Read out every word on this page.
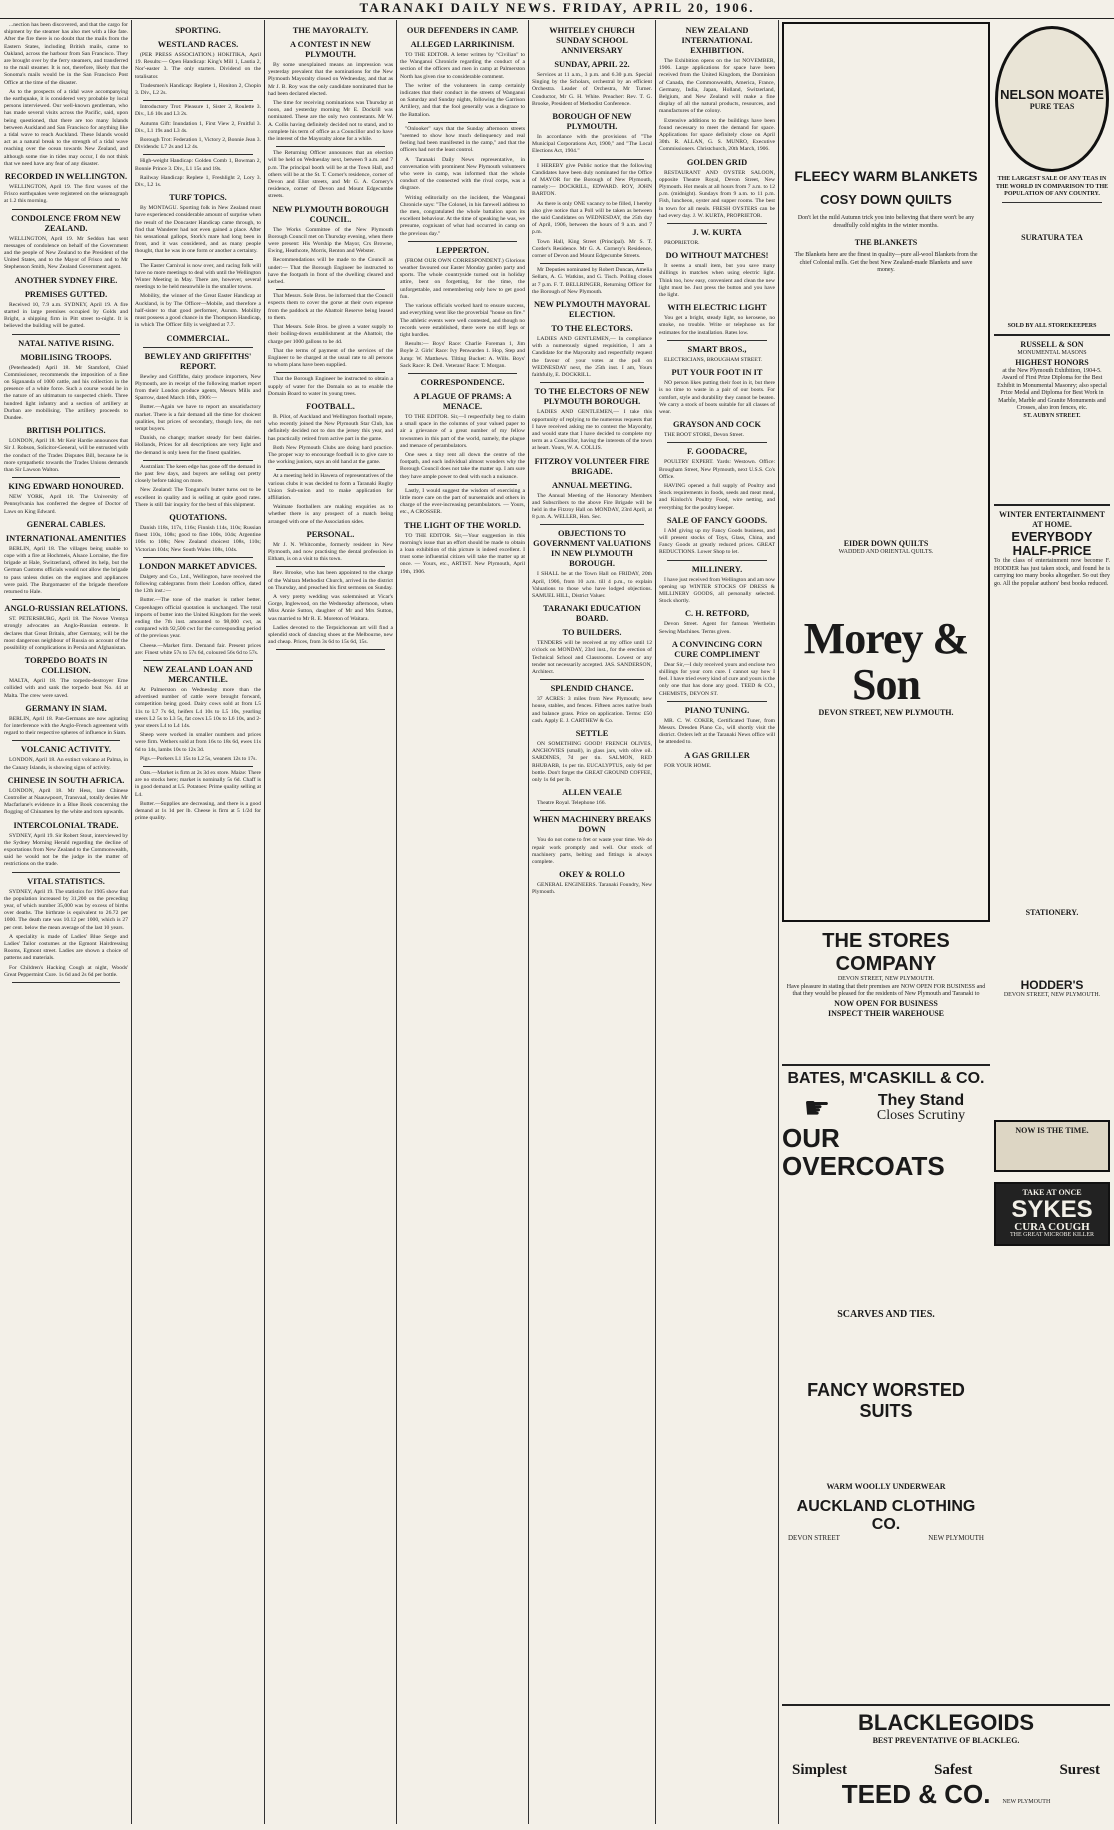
TARANAKI DAILY NEWS. FRIDAY, APRIL 20, 1906.

...nection has been discovered, and that the cargo for shipment by the steamer has also met with a like fate. After the fire there is no doubt that the mails from the Eastern States, including British mails, came to Oakland, across the harbour from San Francisco. They are brought over by the ferry steamers, and transferred to the mail steamer. It is not, therefore, likely that the Sonoma's mails would be in the San Francisco Post Office at the time of the disaster.

As to the prospects of a tidal wave accompanying the earthquake, it is considered very probable by local persons interviewed. Our well-known gentleman, who has made several visits across the Pacific, said, upon being questioned, that there are too many Islands between Auckland and San Francisco for anything like a tidal wave to reach Auckland. These Islands would act as a natural break to the strength of a tidal wave reaching over the ocean towards New Zealand, and although some rise in tides may occur, I do not think that we need have any fear of any disaster.

RECORDED IN WELLINGTON.

WELLINGTON, April 19. The first waves of the Frisco earthquakes were registered on the seismograph at 1.2 this morning.

CONDOLENCE FROM NEW ZEALAND.

WELLINGTON, April 19. Mr Seddon has sent messages of condolence on behalf of the Government and the people of New Zealand to the President of the United States, and to the Mayor of Frisco and to Mr Stephenson Smith, New Zealand Government agent.

ANOTHER SYDNEY FIRE.
PREMISES GUTTED.

Received 10, 7.9 a.m. SYDNEY, April 19. A fire started in large premises occupied by Golds and Bright, a shipping firm in Pitt street to-night. It is believed the building will be gutted.

NATAL NATIVE RISING.
MOBILISING TROOPS.

(Peterheaded) April 18. Mr Stamford, Chief Commissioner, recommends the imposition of a fine on Sigananda of 1000 cattle, and his collection in the presence of a white force. Such a course would be in the nature of an ultimatum to suspected chiefs. Three hundred light infantry and a section of artillery at Durban are mobilising. The artillery proceeds to Dundee.

BRITISH POLITICS.

LONDON, April 18. Mr Keir Hardie announces that Sir J. Robson, Solicitor-General, will be entrusted with the conduct of the Trades Disputes Bill, because he is more sympathetic towards the Trades Unions demands than Sir Lawson Walton.

KING EDWARD HONOURED.

NEW YORK, April 18. The University of Pennsylvania has conferred the degree of Doctor of Laws on King Edward.

GENERAL CABLES.
INTERNATIONAL AMENITIES

BERLIN, April 18. The villages being unable to cope with a fire at Hochmeis, Alsace Lorraine, the fire brigade at Hale, Switzerland, offered its help, but the German Customs officials would not allow the brigade to pass unless duties on the engines and appliances were paid. The Burgomaster of the brigade therefore returned to Hale.

ANGLO-RUSSIAN RELATIONS.

ST. PETERSBURG, April 18. The Novoe Vremya strongly advocates an Anglo-Russian entente. It declares that Great Britain, after Germany, will be the most dangerous neighbour of Russia on account of the possibility of complications in Persia and Afghanistan.

TORPEDO BOATS IN COLLISION.

MALTA, April 18. The torpedo-destroyer Erne collided with and sank the torpedo boat No. 44 at Malta. The crew were saved.

GERMANY IN SIAM.

BERLIN, April 18. Pan-Germans are now agitating for interference with the Anglo-French agreement with regard to their respective spheres of influence in Siam.

VOLCANIC ACTIVITY.

LONDON, April 18. An extinct volcano at Palma, in the Canary Islands, is showing signs of activity.

CHINESE IN SOUTH AFRICA.

LONDON, April 18. Mr Hess, late Chinese Controller at Naauwpoort, Transvaal, totally denies Mr Macfarlane's evidence in a Blue Book concerning the flogging of Chinamen by the white and torn upwards.

INTERCOLONIAL TRADE.

SYDNEY, April 19. Sir Robert Stout, interviewed by the Sydney Morning Herald regarding the decline of exportations from New Zealand to the Commonwealth, said he would not be the judge in the matter of restrictions on the trade.

VITAL STATISTICS.

SYDNEY, April 19. The statistics for 1905 show that the population increased by 31,200 on the preceding year, of which number 35,000 was by excess of births over deaths. The birthrate is equivalent to 26.72 per 1000. The death rate was 10.12 per 1000, which is 27 per cent. below the mean average of the last 10 years.

A speciality is made of Ladies' Blue Serge and Ladies' Tailor costumes at the Egmont Hairdressing Rooms, Egmont street. Ladies are shown a choice of patterns and materials.

For Children's Hacking Cough at night, Woods' Great Peppermint Cure. 1s 6d and 2s 6d per bottle.

SPORTING.
WESTLAND RACES.

(PER PRESS ASSOCIATION.) HOKITIKA, April 19. Results:— Open Handicap: King's Mill 1, Lautia 2, Nor'-easter 3. The only starters. Dividend on the totalisator.

Tradesmen's Handicap: Replete 1, Honiton 2, Chopin 3. Div., L2 2s.

Introductory Trot: Pleasure 1, Sister 2, Roulette 3. Div., L6 10s and L3 2s.

Autumn Gift: Inundation 1, First View 2, Fruitful 3. Div., L1 19s and L3 4s.

Borough Trot: Federation 1, Victory 2, Bonnie Jean 3. Dividends: L7 2s and L2 4s.

High-weight Handicap: Golden Comb 1, Bowman 2, Bonnie Prince 3. Div., L1 15s and 18s.

Railway Handicap: Replete 1, Freshlight 2, Lory 3. Div., L2 1s.

TURF TOPICS.

By MONTAGU. Sporting folk in New Zealand must have experienced considerable amount of surprise when the result of the Doncaster Handicap came through, to find that Wanderer had not even gained a place. After his sensational gallops, Stork's mare had long been in front, and it was considered, and as many people thought, that he was in one form or another a certainty.

The Easter Carnival is now over, and racing folk will have no more meetings to deal with until the Wellington Winter Meeting in May. There are, however, several meetings to be held meanwhile in the smaller towns.

Mobility, the winner of the Great Easter Handicap at Auckland, is by The Officer—Mobile, and therefore a half-sister to that good performer, Aurum. Mobility must possess a good chance in the Thompson Handicap, in which The Officer filly is weighted at 7.7.

COMMERCIAL.
BEWLEY AND GRIFFITHS' REPORT.

Bewley and Griffiths, dairy produce importers, New Plymouth, are in receipt of the following market report from their London produce agents, Messrs Mills and Sparrow, dated March 16th, 1906:—

Butter.—Again we have to report an unsatisfactory market. There is a fair demand all the time for choicest qualities, but prices of secondary, though low, do not tempt buyers.

Danish, no change; market steady for best dairies. Hollands, Prices for all descriptions are very light and the demand is only keen for the finest qualities.

Australian: The keen edge has gone off the demand in the past few days, and buyers are selling out pretty closely before taking on more.

New Zealand: The Tonganui's butter turns out to be excellent in quality and is selling at quite good rates. There is still fair inquiry for the best of this shipment.

QUOTATIONS.

Danish 118s, 117s, 116s; Finnish 114s, 110s; Russian finest 110s, 108s; good to fine 100s, 104s; Argentine 106s to 108s; New Zealand choicest 108s, 110s; Victorian 104s; New South Wales 108s, 104s.

LONDON MARKET ADVICES.

Dalgety and Co., Ltd., Wellington, have received the following cablegrams from their London office, dated the 12th inst.:—

Butter.—The tone of the market is rather better. Copenhagen official quotation is unchanged. The total imports of butter into the United Kingdom for the week ending the 7th inst. amounted to 98,000 cwt, as compared with 92,500 cwt for the corresponding period of the previous year.

Cheese.—Market firm. Demand fair. Present prices are: Finest white 57s to 57s 6d, coloured 56s 6d to 57s.

NEW ZEALAND LOAN AND MERCANTILE.

At Palmerston on Wednesday more than the advertised number of cattle were brought forward, competition being good. Dairy cows sold at from L5 11s to L7 7s 6d, heifers L4 10s to L5 10s, yearling steers L2 5s to L3 5s, fat cows L5 10s to L6 10s, and 2-year steers L4 to L4 14s.

Sheep were worked in smaller numbers and prices were firm. Wethers sold at from 16s to 18s 6d, ewes 11s 6d to 14s, lambs 10s to 12s 3d.

Pigs.—Porkers L1 15s to L2 5s, weaners 12s to 17s.

Oats.—Market is firm at 2s 3d ex store. Maize: There are no stocks here; market is nominally 5s 6d. Chaff is in good demand at L5. Potatoes: Prime quality selling at L4.

Butter.—Supplies are decreasing, and there is a good demand at 1s 1d per lb. Cheese is firm at 5 1/2d for prime quality.

THE MAYORALTY.
A CONTEST IN NEW PLYMOUTH.

By some unexplained means an impression was yesterday prevalent that the nominations for the New Plymouth Mayoralty closed on Wednesday, and that as Mr J. B. Roy was the only candidate nominated that he had been declared elected.

The time for receiving nominations was Thursday at noon, and yesterday morning Mr E. Dockrill was nominated. These are the only two contestants. Mr W. A. Collis having definitely decided not to stand, and to complete his term of office as a Councillor and to have the interest of the Mayoralty alone for a while.

The Returning Officer announces that an election will be held on Wednesday next, between 9 a.m. and 7 p.m. The principal booth will be at the Town Hall, and others will be at the St. T. Corner's residence, corner of Devon and Eliot streets, and Mr G. A. Cornery's residence, corner of Devon and Mount Edgecumbe streets.

NEW PLYMOUTH BOROUGH COUNCIL.

The Works Committee of the New Plymouth Borough Council met on Thursday evening, when there were present: His Worship the Mayor, Crs Browne, Ewing, Heathcote, Morris, Renton and Webster.

Recommendations will be made to the Council as under:— That the Borough Engineer be instructed to have the footpath in front of the dwelling cleared and kerbed.

That Messrs. Sole Bros. be informed that the Council expects them to cover the gorse at their own expense from the paddock at the Abattoir Reserve being leased to them.

That Messrs. Sole Bros. be given a water supply to their boiling-down establishment at the Abattoir, the charge per 1000 gallons to be 4d.

That the terms of payment of the services of the Engineer to be charged at the usual rate to all persons to whom plans have been supplied.

That the Borough Engineer be instructed to obtain a supply of water for the Domain so as to enable the Domain Board to water its young trees.

FOOTBALL.

B. Pilot, of Auckland and Wellington football repute, who recently joined the New Plymouth Star Club, has definitely decided not to don the jersey this year, and has practically retired from active part in the game.

Both New Plymouth Clubs are doing hard practice. The proper way to encourage football is to give care to the working juniors, says an old hand at the game.

At a meeting held in Hawera of representatives of the various clubs it was decided to form a Taranaki Rugby Union Sub-union and to make application for affiliation.

Waimate footballers are making enquiries as to whether there is any prospect of a match being arranged with one of the Association sides.

PERSONAL.

Mr J. N. Whitcombe, formerly resident in New Plymouth, and now practising the dental profession in Eltham, is on a visit to this town.

Rev. Brooke, who has been appointed to the charge of the Waitara Methodist Church, arrived in the district on Thursday, and preached his first sermons on Sunday.

A very pretty wedding was solemnised at Vicar's Gorge, Inglewood, on the Wednesday afternoon, when Miss Annie Sutton, daughter of Mr and Mrs Sutton, was married to Mr R. E. Moreton of Waitara.

Ladies devoted to the Terpsichorean art will find a splendid stock of dancing shoes at the Melbourne, new and cheap. Prices, from 3s 6d to 15s 6d, 15s.

OUR DEFENDERS IN CAMP.
ALLEGED LARRIKINISM.

TO THE EDITOR. A letter written by "Civilian" to the Wanganui Chronicle regarding the conduct of a section of the officers and men in camp at Palmerston North has given rise to considerable comment.

The writer of the volunteers in camp certainly indicates that their conduct in the streets of Wanganui on Saturday and Sunday nights, following the Garrison Artillery, and that the fool generally was a disgrace to the Battalion.

"Onlooker" says that the Sunday afternoon streets "seemed to show how much delinquency and real feeling had been manifested in the camp," and that the officers had not the least control.

A Taranaki Daily News representative, in conversation with prominent New Plymouth volunteers who were in camp, was informed that the whole conduct of the connected with the rival corps, was a disgrace.

Writing editorially on the incident, the Wanganui Chronicle says: "The Colonel, in his farewell address to the men, congratulated the whole battalion upon its excellent behaviour. At the time of speaking he was, we presume, cognisant of what had occurred in camp on the previous day."

LEPPERTON.

(FROM OUR OWN CORRESPONDENT.) Glorious weather favoured our Easter Monday garden party and sports. The whole countryside turned out in holiday attire, bent on forgetting, for the time, the unforgettable, and remembering only how to get good fun.

The various officials worked hard to ensure success, and everything went like the proverbial "house on fire." The athletic events were well contested, and though no records were established, there were no stiff legs or tight hurdles.

Results:— Boys' Race: Charlie Foreman 1, Jim Boyle 2. Girls' Race: Ivy Penwarden 1. Hop, Step and Jump: W. Matthews. Tilting Bucket: A. Wills. Boys' Sack Race: R. Dell. Veterans' Race: T. Morgan.

CORRESPONDENCE.
A PLAGUE OF PRAMS: A MENACE.

TO THE EDITOR. Sir,—I respectfully beg to claim a small space in the columns of your valued paper to air a grievance of a great number of my fellow townsmen in this part of the world, namely, the plague and menace of perambulators.

One sees a tiny rent all down the centre of the footpath, and each individual almost wonders why the Borough Council does not take the matter up. I am sure they have ample power to deal with such a nuisance.

Lastly, I would suggest the wisdom of exercising a little more care on the part of nursemaids and others in charge of the ever-increasing perambulators. — Yours, etc., A CROSSER.

THE LIGHT OF THE WORLD.

TO THE EDITOR. Sir,—Your suggestion in this morning's issue that an effort should be made to obtain a loan exhibition of this picture is indeed excellent. I trust some influential citizen will take the matter up at once. — Yours, etc., ARTIST. New Plymouth, April 19th, 1906.

WHITELEY CHURCH SUNDAY SCHOOL ANNIVERSARY
SUNDAY, APRIL 22.

Services at 11 a.m., 3 p.m. and 6.30 p.m. Special Singing by the Scholars, orchestral by an efficient Orchestra. Leader of Orchestra, Mr Turner. Conductor, Mr G. H. White. Preacher: Rev. T. G. Brooke, President of Methodist Conference.

BOROUGH OF NEW PLYMOUTH.

In accordance with the provisions of "The Municipal Corporations Act, 1900," and "The Local Elections Act, 1904."

I HEREBY give Public notice that the following Candidates have been duly nominated for the Office of MAYOR for the Borough of New Plymouth, namely:— DOCKRILL, EDWARD. ROY, JOHN BARTON.

As there is only ONE vacancy to be filled, I hereby also give notice that a Poll will be taken as between the said Candidates on WEDNESDAY, the 25th day of April, 1906, between the hours of 9 a.m. and 7 p.m.

Town Hall, King Street (Principal). Mr S. T. Corder's Residence. Mr G. A. Cornery's Residence, corner of Devon and Mount Edgecumbe Streets.

Mr Deputies nominated by Robert Duncan, Amelia Sellars, A. G. Watkins, and G. Tisch. Polling closes at 7 p.m. F. T. BELLRINGER, Returning Officer for the Borough of New Plymouth.

NEW PLYMOUTH MAYORAL ELECTION.
TO THE ELECTORS.

LADIES AND GENTLEMEN,— In compliance with a numerously signed requisition, I am a Candidate for the Mayoralty and respectfully request the favour of your votes at the poll on WEDNESDAY next, the 25th inst. I am, Yours faithfully, E. DOCKRILL.

TO THE ELECTORS OF NEW PLYMOUTH BOROUGH.

LADIES AND GENTLEMEN,— I take this opportunity of replying to the numerous requests that I have received asking me to contest the Mayoralty, and would state that I have decided to complete my term as a Councillor, having the interests of the town at heart. Yours, W. A. COLLIS.

FITZROY VOLUNTEER FIRE BRIGADE.
ANNUAL MEETING.

The Annual Meeting of the Honorary Members and Subscribers to the above Fire Brigade will be held in the Fitzroy Hall on MONDAY, 23rd April, at 8 p.m. A. WELLER, Hon. Sec.

OBJECTIONS TO GOVERNMENT VALUATIONS IN NEW PLYMOUTH BOROUGH.

I SHALL be at the Town Hall on FRIDAY, 20th April, 1906, from 10 a.m. till 4 p.m., to explain Valuations to those who have lodged objections. SAMUEL HILL, District Valuer.

TARANAKI EDUCATION BOARD.
TO BUILDERS.

TENDERS will be received at my office until 12 o'clock on MONDAY, 23rd inst., for the erection of Technical School and Classrooms. Lowest or any tender not necessarily accepted. JAS. SANDERSON, Architect.

SPLENDID CHANCE.

37 ACRES: 3 miles from New Plymouth; new house, stables, and fences. Fifteen acres native bush and balance grass. Price on application. Terms: £50 cash. Apply E. J. CARTHEW & Co.

SETTLE

ON SOMETHING GOOD! FRENCH OLIVES, ANCHOVIES (small), in glass jars, with olive oil. SARDINES, 7d per tin. SALMON, RED RHUBARB, 1s per tin. EUCALYPTUS, only 6d per bottle. Don't forget the GREAT GROUND COFFEE, only 1s 6d per lb.

ALLEN VEALE

Theatre Royal. Telephone 166.

WHEN MACHINERY BREAKS DOWN

You do not come to fret or waste your time. We do repair work promptly and well. Our stock of machinery parts, belting and fittings is always complete.

OKEY & ROLLO

GENERAL ENGINEERS. Taranaki Foundry, New Plymouth.

NEW ZEALAND INTERNATIONAL EXHIBITION.

The Exhibition opens on the 1st NOVEMBER, 1906. Large applications for space have been received from the United Kingdom, the Dominion of Canada, the Commonwealth, America, France, Germany, India, Japan, Holland, Switzerland, Belgium, and New Zealand will make a fine display of all the natural products, resources, and manufactures of the colony.

Extensive additions to the buildings have been found necessary to meet the demand for space. Applications for space definitely close on April 30th. R. ALLAN, G. S. MUNRO, Executive Commissioners. Christchurch, 20th March, 1906.

GOLDEN GRID

RESTAURANT AND OYSTER SALOON, opposite Theatre Royal, Devon Street, New Plymouth. Hot meals at all hours from 7 a.m. to 12 p.m. (midnight). Sundays from 9 a.m. to 11 p.m. Fish, luncheon, oyster and supper rooms. The best in town for all meals. FRESH OYSTERS can be had every day. J. W. KURTA, PROPRIETOR.

J. W. KURTA

PROPRIETOR.

DO WITHOUT MATCHES!

It seems a small item, but you save many shillings in matches when using electric light. Think too, how easy, convenient and clean the new light must be. Just press the button and you have the light.

WITH ELECTRIC LIGHT

You get a bright, steady light, no kerosene, no smoke, no trouble. Write or telephone us for estimates for the installation. Rates low.

SMART BROS.,

ELECTRICIANS, BROUGHAM STREET.

PUT YOUR FOOT IN IT

NO person likes putting their foot in it, but there is no time to waste in a pair of our boots. For comfort, style and durability they cannot be beaten. We carry a stock of boots suitable for all classes of wear.

GRAYSON AND COCK

THE BOOT STORE, Devon Street.

F. GOODACRE,

POULTRY EXPERT. Yards: Westown. Office: Brougham Street, New Plymouth, next U.S.S. Co's Office.

HAVING opened a full supply of Poultry and Stock requirements in foods, seeds and meat meal, and Kinloch's Poultry Food, wire netting, and everything for the poultry keeper.

SALE OF FANCY GOODS.

I AM giving up my Fancy Goods business, and will present stocks of Toys, Glass, China, and Fancy Goods at greatly reduced prices. GREAT REDUCTIONS. Lower Shop to let.

MILLINERY.

I have just received from Wellington and am now opening up WINTER STOCKS OF DRESS & MILLINERY GOODS, all personally selected. Stock shortly.

C. H. RETFORD,

Devon Street. Agent for famous Wertheim Sewing Machines. Terms given.

A CONVINCING CORN CURE COMPLIMENT

Dear Sir,—I duly received yours and enclose two shillings for your corn cure. I cannot say how I feel. I have tried every kind of cure and yours is the only one that has done any good. TEED & CO., CHEMISTS, DEVON ST.

PIANO TUNING.

MR. C. W. COKER, Certificated Tuner, from Messrs. Dresden Piano Co., will shortly visit the district. Orders left at the Taranaki News office will be attended to.

A GAS GRILLER

FOR YOUR HOME.

FLEECY WARM BLANKETS
COSY DOWN QUILTS
Don't let the mild Autumn trick you into believing that there won't be any dreadfully cold nights in the winter months.
THE BLANKETS
The Blankets here are the finest in quality—pure all-wool Blankets from the chief Colonial mills. Get the best New Zealand-made Blankets and save money.
EIDER DOWN QUILTS
WADDED AND ORIENTAL QUILTS.
Morey & Son
DEVON STREET, NEW PLYMOUTH.
NELSON MOATE
PURE TEAS
THE LARGEST SALE OF ANY TEAS IN THE WORLD IN COMPARISON TO THE POPULATION OF ANY COUNTRY.
SURATURA TEA
SOLD BY ALL STOREKEEPERS
RUSSELL & SON
MONUMENTAL MASONS
HIGHEST HONORS
at the New Plymouth Exhibition, 1904-5. Award of First Prize Diploma for the Best Exhibit in Monumental Masonry; also special Prize Medal and Diploma for Best Work in Marble, Marble and Granite Monuments and Crosses, also iron fences, etc.
ST. AUBYN STREET.
WINTER ENTERTAINMENT AT HOME.
EVERYBODY HALF-PRICE
To the class of entertainment now become F. HODDER has just taken stock, and found he is carrying too many books altogether. So out they go. All the popular authors' best books reduced.
STATIONERY.
HODDER'S
DEVON STREET, NEW PLYMOUTH.
THE STORES COMPANY
DEVON STREET, NEW PLYMOUTH.
Have pleasure in stating that their premises are NOW OPEN FOR BUSINESS and that they would be pleased for the residents of New Plymouth and Taranaki to
NOW OPEN FOR BUSINESS
INSPECT THEIR WAREHOUSE
BATES, M'CASKILL & CO.
☛	They Stand
Closes Scrutiny
OUR OVERCOATS
SCARVES AND TIES.
FANCY WORSTED SUITS
WARM WOOLLY UNDERWEAR
AUCKLAND CLOTHING CO.
DEVON STREET	NEW PLYMOUTH
NOW IS THE TIME.
TAKE AT ONCE
SYKES
CURA COUGH
THE GREAT MICROBE KILLER
BLACKLEGOIDS
BEST PREVENTATIVE OF BLACKLEG.
Simplest	Safest	Surest
TEED & CO. NEW PLYMOUTH
